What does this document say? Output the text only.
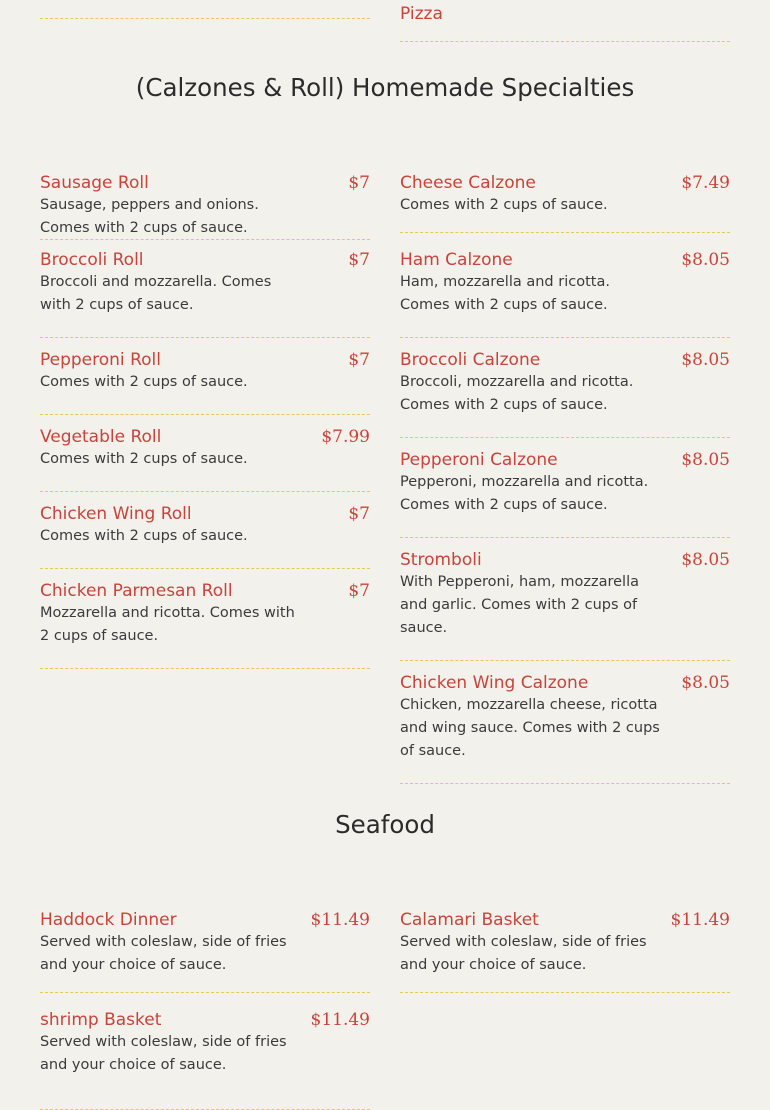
Pizza
(Calzones & Roll) Homemade Specialties
Sausage Roll	$7
Sausage, peppers and onions. Comes with 2 cups of sauce.
Broccoli Roll	$7
Broccoli and mozzarella. Comes with 2 cups of sauce.
Pepperoni Roll	$7
Comes with 2 cups of sauce.
Vegetable Roll	$7.99
Comes with 2 cups of sauce.
Chicken Wing Roll	$7
Comes with 2 cups of sauce.
Chicken Parmesan Roll	$7
Mozzarella and ricotta. Comes with 2 cups of sauce.
Cheese Calzone	$7.49
Comes with 2 cups of sauce.
Ham Calzone	$8.05
Ham, mozzarella and ricotta. Comes with 2 cups of sauce.
Broccoli Calzone	$8.05
Broccoli, mozzarella and ricotta. Comes with 2 cups of sauce.
Pepperoni Calzone	$8.05
Pepperoni, mozzarella and ricotta. Comes with 2 cups of sauce.
Stromboli	$8.05
With Pepperoni, ham, mozzarella and garlic. Comes with 2 cups of sauce.
Chicken Wing Calzone	$8.05
Chicken, mozzarella cheese, ricotta and wing sauce. Comes with 2 cups of sauce.
Seafood
Haddock Dinner	$11.49
Served with coleslaw, side of fries and your choice of sauce.
shrimp Basket	$11.49
Served with coleslaw, side of fries and your choice of sauce.
Calamari Basket	$11.49
Served with coleslaw, side of fries and your choice of sauce.
